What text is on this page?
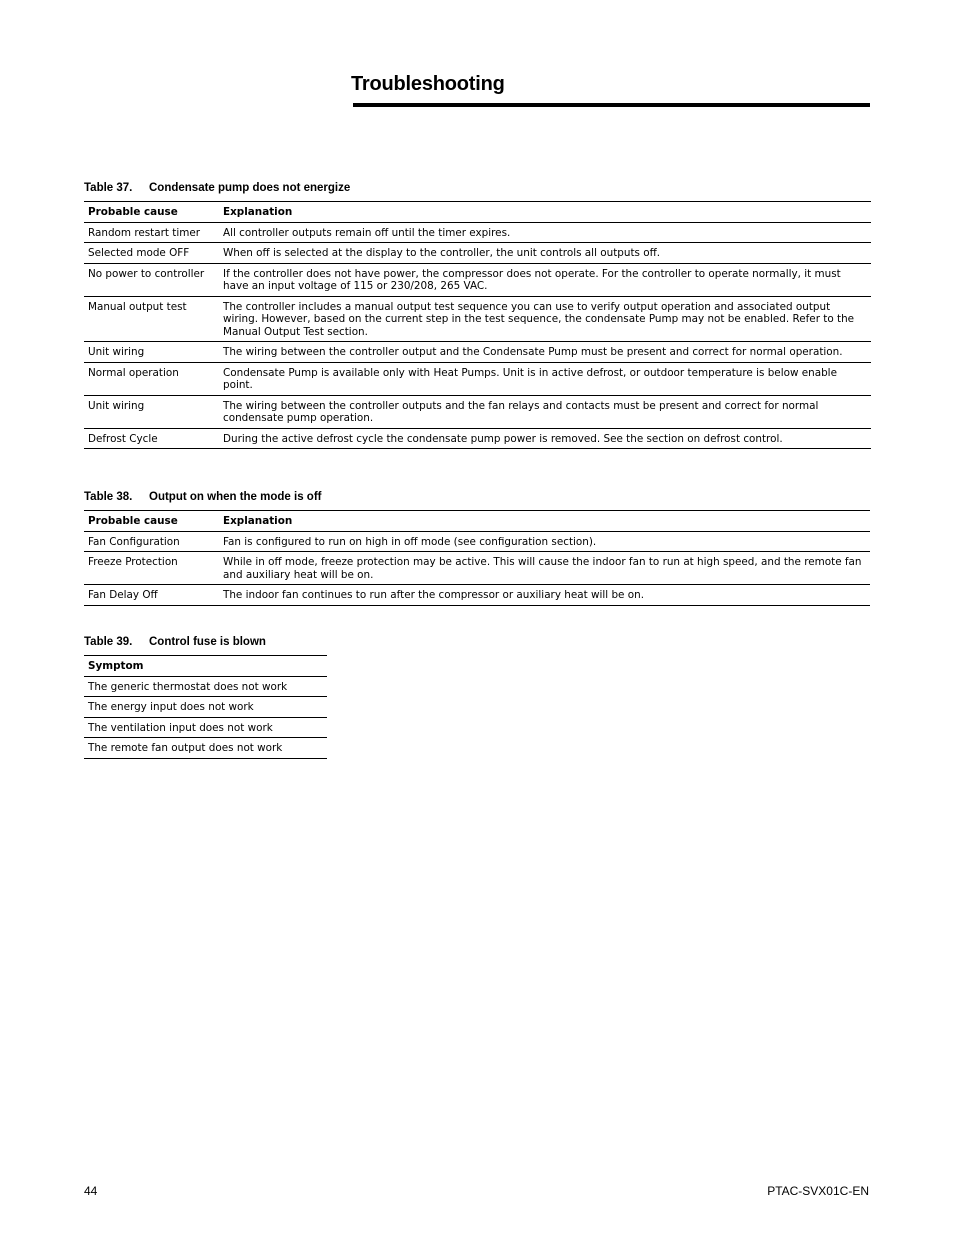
Troubleshooting
Table 37. Condensate pump does not energize
Probable cause	Explanation
Random restart timer	All controller outputs remain off until the timer expires.
Selected mode OFF	When off is selected at the display to the controller, the unit controls all outputs off.
No power to controller	If the controller does not have power, the compressor does not operate. For the controller to operate normally, it must have an input voltage of 115 or 230/208, 265 VAC.
Manual output test	The controller includes a manual output test sequence you can use to verify output operation and associated output wiring. However, based on the current step in the test sequence, the condensate Pump may not be enabled. Refer to the Manual Output Test section.
Unit wiring	The wiring between the controller output and the Condensate Pump must be present and correct for normal operation.
Normal operation	Condensate Pump is available only with Heat Pumps. Unit is in active defrost, or outdoor temperature is below enable point.
Unit wiring	The wiring between the controller outputs and the fan relays and contacts must be present and correct for normal condensate pump operation.
Defrost Cycle	During the active defrost cycle the condensate pump power is removed. See the section on defrost control.
Table 38. Output on when the mode is off
Probable cause	Explanation
Fan Configuration	Fan is configured to run on high in off mode (see configuration section).
Freeze Protection	While in off mode, freeze protection may be active. This will cause the indoor fan to run at high speed, and the remote fan and auxiliary heat will be on.
Fan Delay Off	The indoor fan continues to run after the compressor or auxiliary heat will be on.
Table 39. Control fuse is blown
Symptom
The generic thermostat does not work
The energy input does not work
The ventilation input does not work
The remote fan output does not work
44	PTAC-SVX01C-EN
